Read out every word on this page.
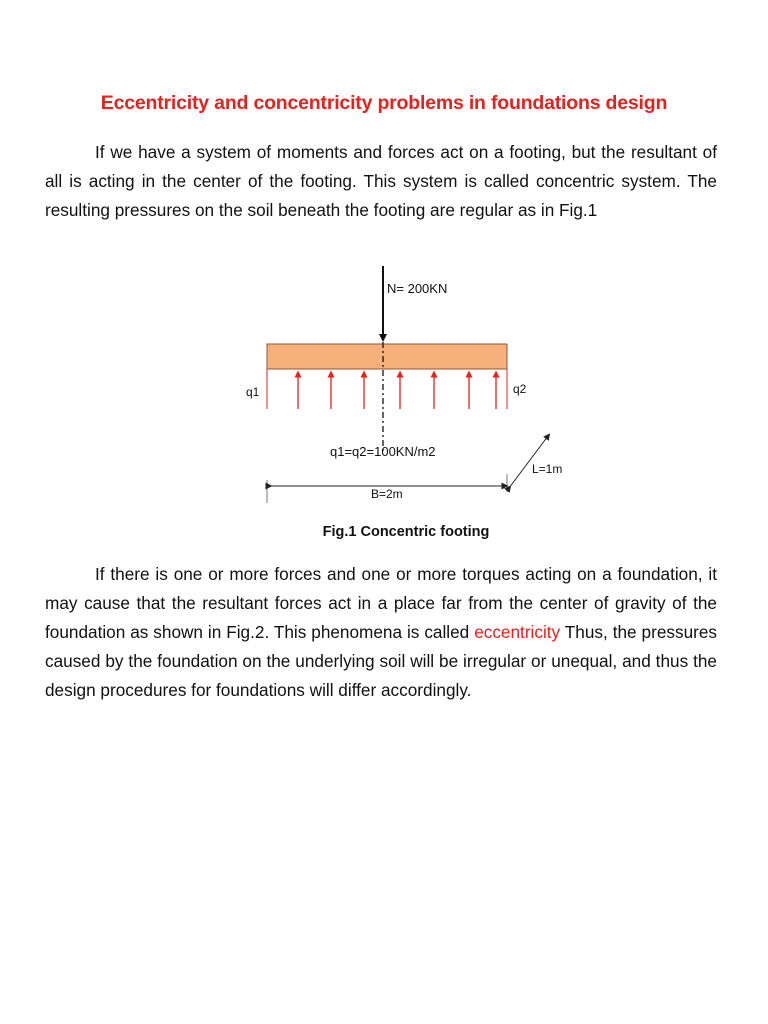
Eccentricity and concentricity problems in foundations design

If we have a system of moments and forces act on a footing, but the resultant of all is acting in the center of the footing. This system is called concentric system. The resulting pressures on the soil beneath the footing are regular as in Fig.1

N= 200KN
q1	q2
q1=q2=100KN/m2
B=2m
L=1m
Fig.1 Concentric footing

If there is one or more forces and one or more torques acting on a foundation, it may cause that the resultant forces act in a place far from the center of gravity of the foundation as shown in Fig.2. This phenomena is called eccentricity Thus, the pressures caused by the foundation on the underlying soil will be irregular or unequal, and thus the design procedures for foundations will differ accordingly.
